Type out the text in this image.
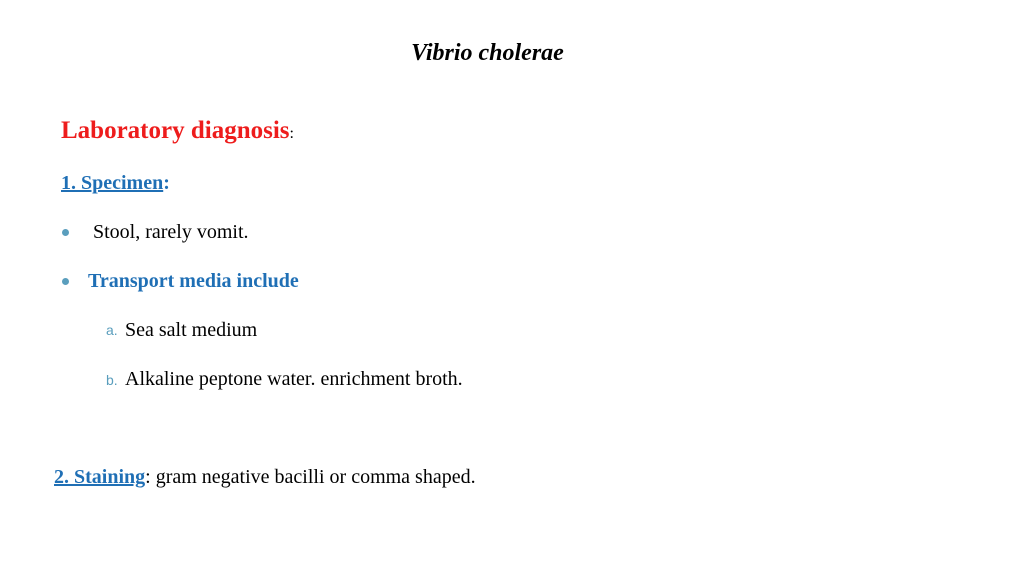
Vibrio cholerae
Laboratory diagnosis:
1. Specimen:
Stool, rarely vomit.
Transport media include
a. Sea salt medium
b. Alkaline peptone water. enrichment broth.
2. Staining: gram negative bacilli or comma shaped.
